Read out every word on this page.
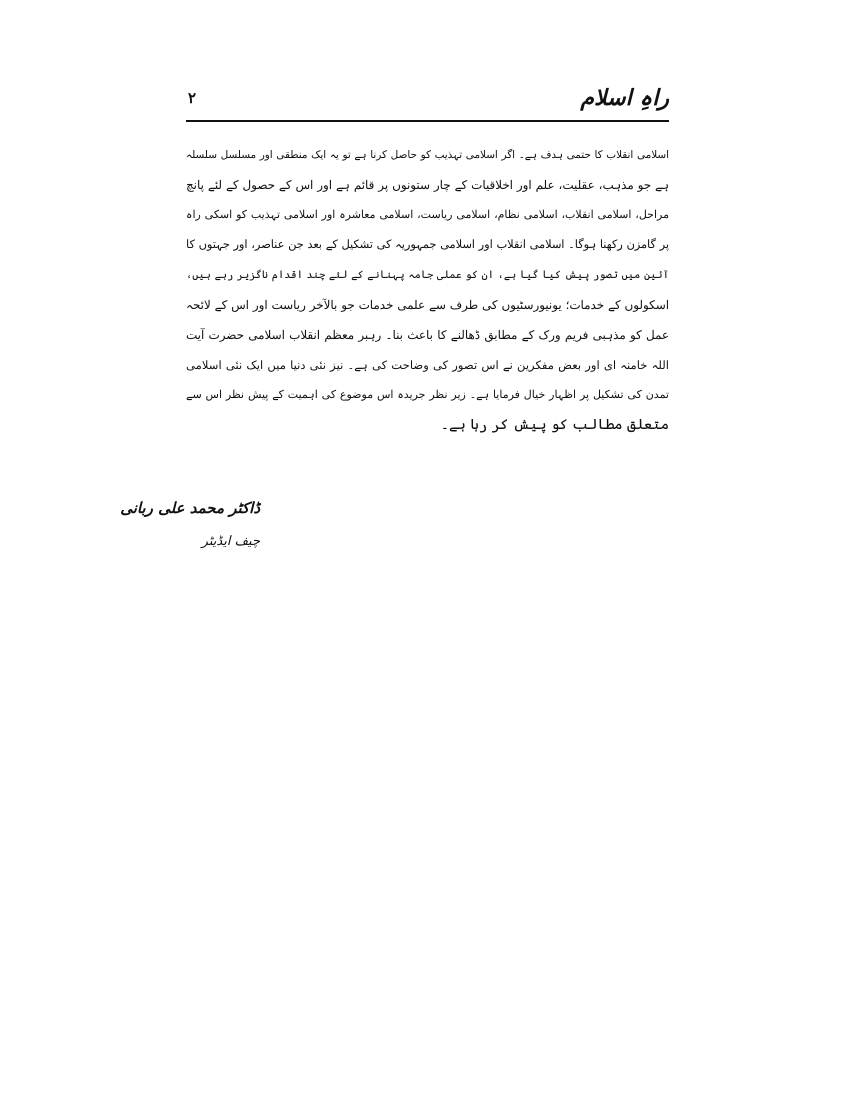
راہِ اسلام
۲
اسلامی انقلاب کا حتمی ہدف ہے۔ اگر اسلامی تہذیب کو حاصل کرنا ہے تو یہ ایک منطقی اور مسلسل سلسلہ
ہے جو مذہب، عقلیت، علم اور اخلاقیات کے چار ستونوں پر قائم ہے اور اس کے حصول کے لئے پانچ
مراحل، اسلامی انقلاب، اسلامی نظام، اسلامی ریاست، اسلامی معاشرہ اور اسلامی تہذیب کو اسکی راہ
پر گامزن رکھنا ہوگا۔ اسلامی انقلاب اور اسلامی جمہوریہ کی تشکیل کے بعد جن عناصر، اور جہتوں کا
آئین میں تصور پیش کیا گیا ہے، ان کو عملی جامہ پہنانے کے لئے چند اقدام ناگزیر رہے ہیں،
اسکولوں کے خدمات؛ یونیورسٹیوں کی طرف سے علمی خدمات جو بالآخر ریاست اور اس کے لائحہ
عمل کو مذہبی فریم ورک کے مطابق ڈھالنے کا باعث بنا۔ رہبر معظم انقلاب اسلامی حضرت آیت
اللہ خامنہ ای اور بعض مفکرین نے اس تصور کی وضاحت کی ہے۔ نیز نئی دنیا میں ایک نئی اسلامی
تمدن کی تشکیل پر اظہار خیال فرمایا ہے۔ زیر نظر جریدہ اس موضوع کی اہمیت کے پیش نظر اس سے
متعلق مطالب کو پیش کر رہا ہے۔
ڈاکٹر محمد علی ربانی
چیف ایڈیٹر
